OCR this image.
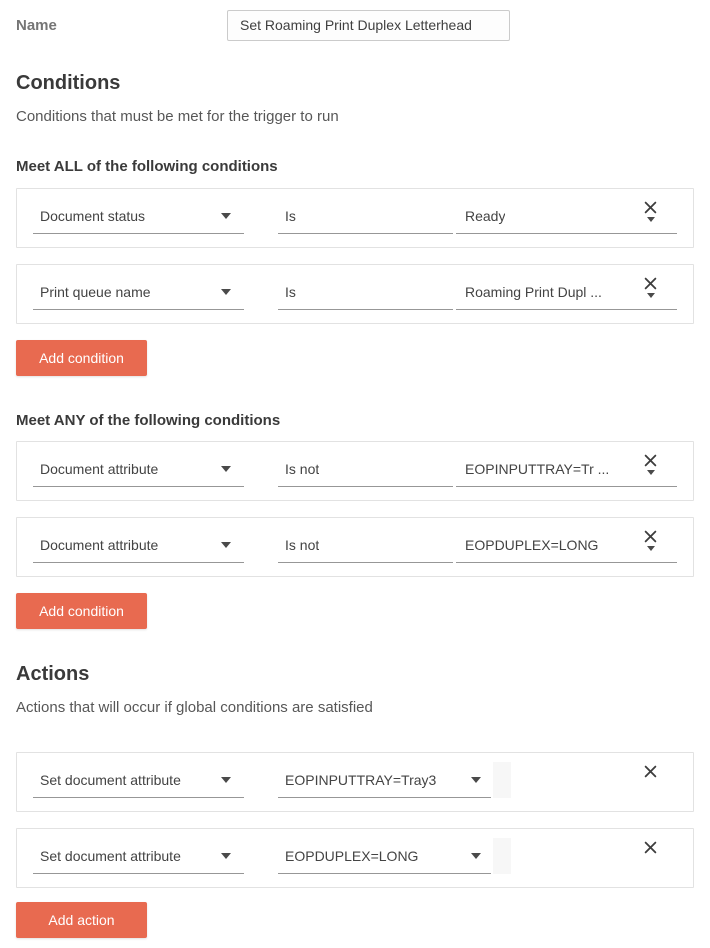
Name
Set Roaming Print Duplex Letterhead
Conditions
Conditions that must be met for the trigger to run
Meet ALL of the following conditions
Document status	Is	Ready
Print queue name	Is	Roaming Print Dupl ...
Add condition
Meet ANY of the following conditions
Document attribute	Is not	EOPINPUTTRAY=Tr ...
Document attribute	Is not	EOPDUPLEX=LONG
Add condition
Actions
Actions that will occur if global conditions are satisfied
Set document attribute	EOPINPUTTRAY=Tray3
Set document attribute	EOPDUPLEX=LONG
Add action
